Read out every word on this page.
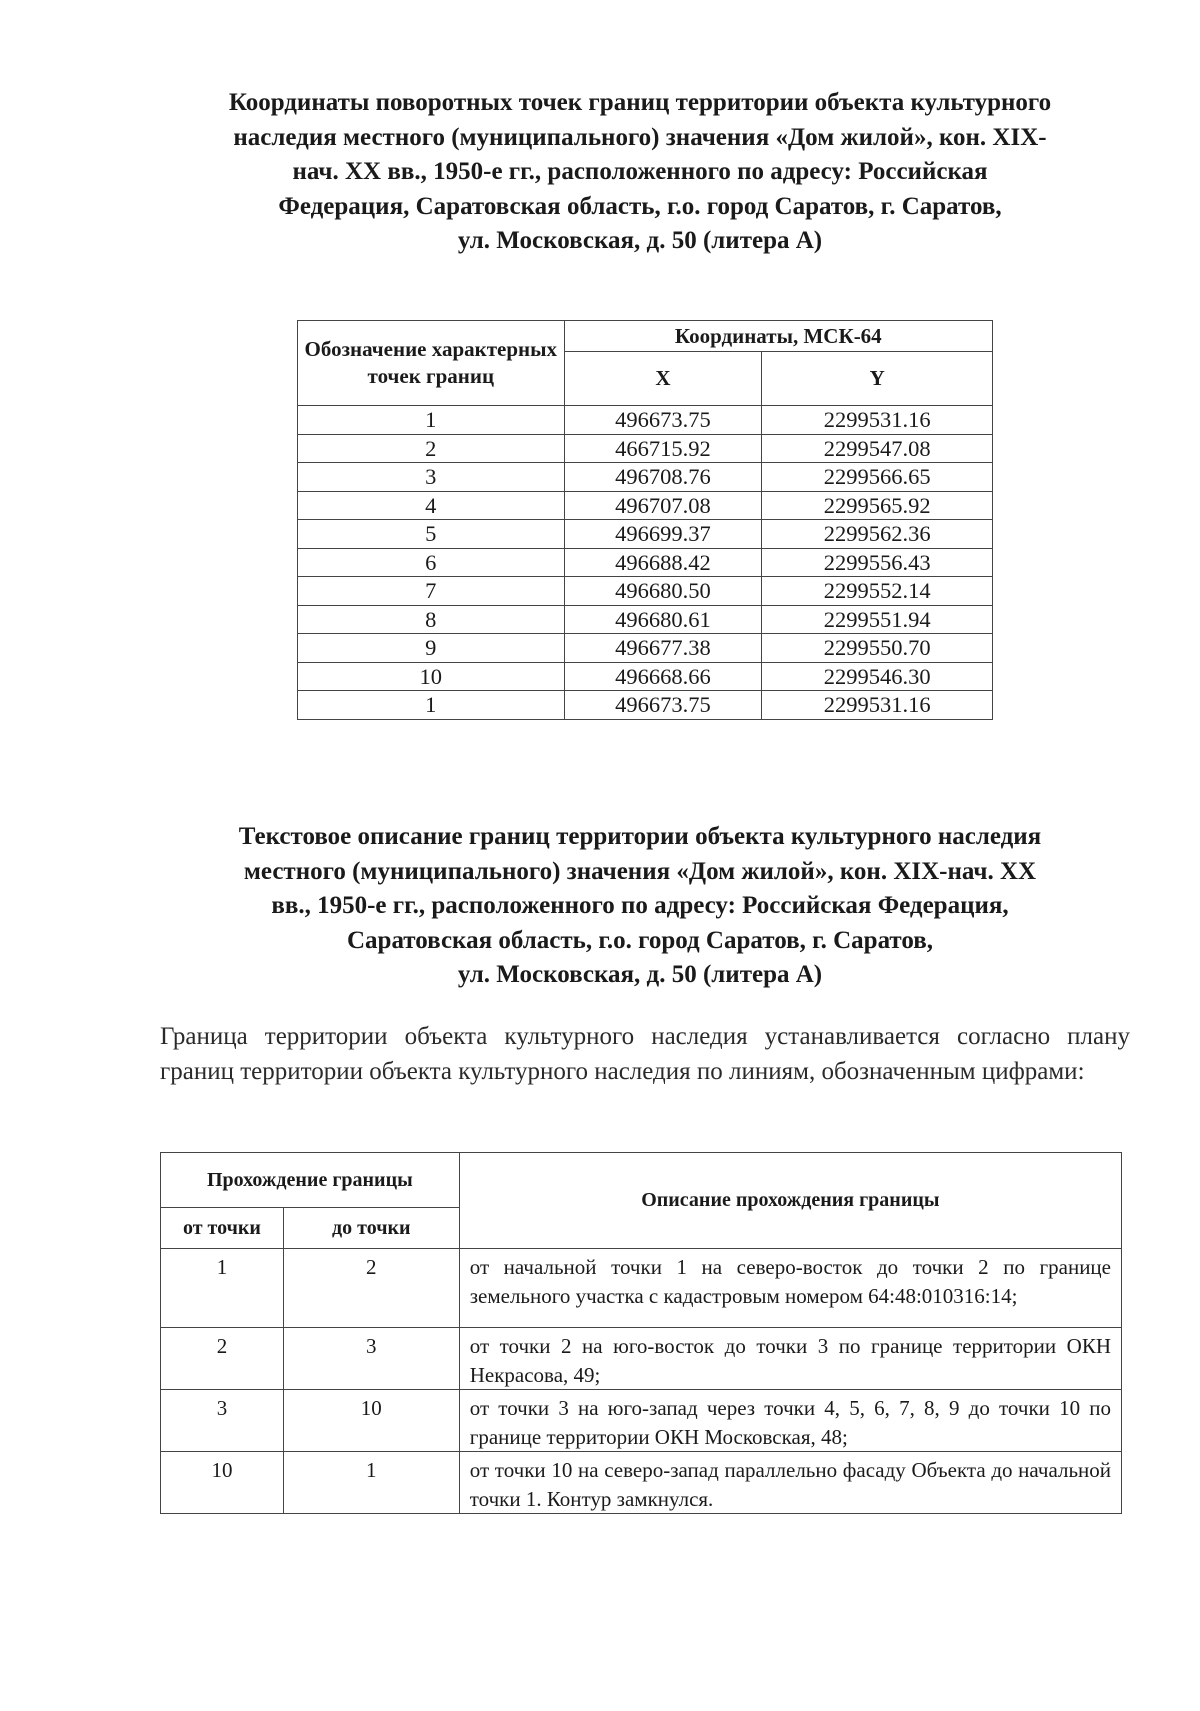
Координаты поворотных точек границ территории объекта культурного
наследия местного (муниципального) значения «Дом жилой», кон. XIX-
нач. XX вв., 1950-е гг., расположенного по адресу: Российская
Федерация, Саратовская область, г.о. город Саратов, г. Саратов,
ул. Московская, д. 50 (литера А)
Обозначение характерных точек границ	Координаты, МСК-64	
	X	Y
1	496673.75	2299531.16
2	466715.92	2299547.08
3	496708.76	2299566.65
4	496707.08	2299565.92
5	496699.37	2299562.36
6	496688.42	2299556.43
7	496680.50	2299552.14
8	496680.61	2299551.94
9	496677.38	2299550.70
10	496668.66	2299546.30
1	496673.75	2299531.16
Текстовое описание границ территории объекта культурного наследия
местного (муниципального) значения «Дом жилой», кон. XIX-нач. XX
вв., 1950-е гг., расположенного по адресу: Российская Федерация,
Саратовская область, г.о. город Саратов, г. Саратов,
ул. Московская, д. 50 (литера А)

Граница территории объекта культурного наследия устанавливается согласно плану границ территории объекта культурного наследия по линиям, обозначенным цифрами:

Прохождение границы		Описание прохождения границы
от точки	до точки	
1	2	от начальной точки 1 на северо-восток до точки 2 по границе земельного участка с кадастровым номером 64:48:010316:14;
2	3	от точки 2 на юго-восток до точки 3 по границе территории ОКН Некрасова, 49;
3	10	от точки 3 на юго-запад через точки 4, 5, 6, 7, 8, 9 до точки 10 по границе территории ОКН Московская, 48;
10	1	от точки 10 на северо-запад параллельно фасаду Объекта до начальной точки 1. Контур замкнулся.
